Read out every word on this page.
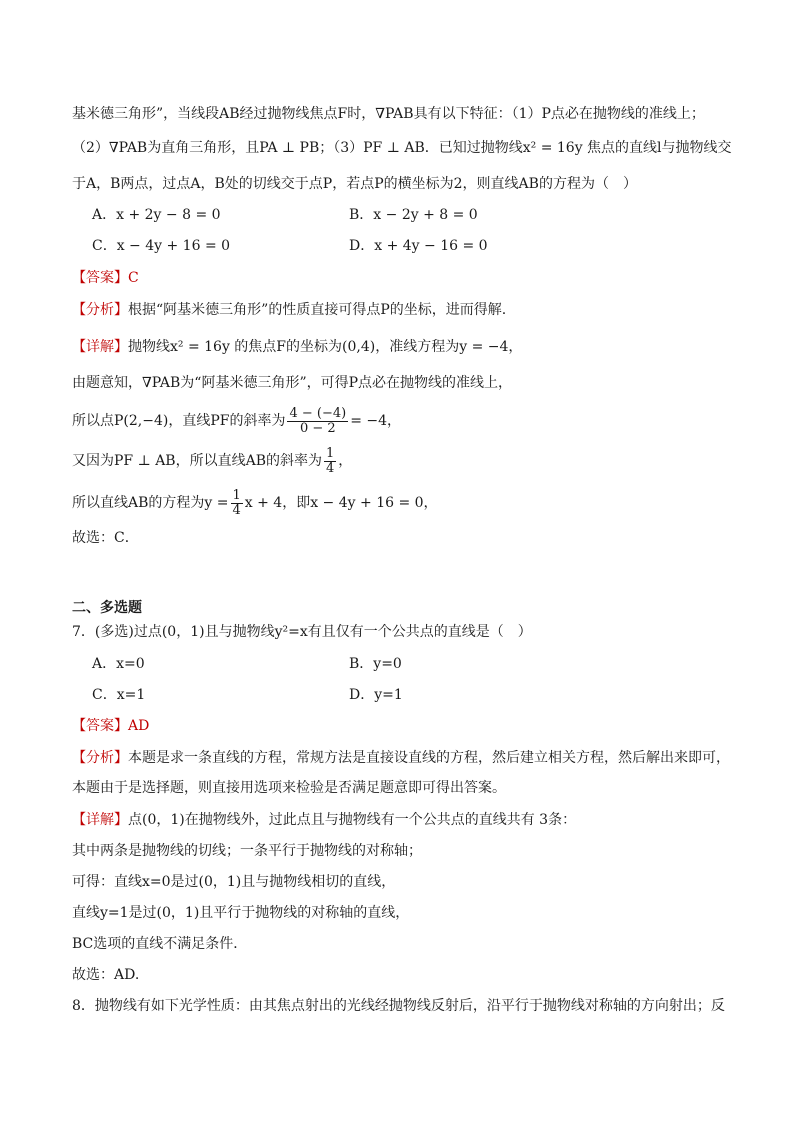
基米德三角形”，当线段AB经过抛物线焦点F时，∇PAB具有以下特征：（1）P点必在抛物线的准线上；
（2）∇PAB为直角三角形，且PA ⊥ PB；（3）PF ⊥ AB．已知过抛物线x² = 16y 焦点的直线l与抛物线交
于A，B两点，过点A，B处的切线交于点P，若点P的横坐标为2，则直线AB的方程为（　）
A．x + 2y − 8 = 0	B．x − 2y + 8 = 0
C．x − 4y + 16 = 0	D．x + 4y − 16 = 0
【答案】C
【分析】根据“阿基米德三角形”的性质直接可得点P的坐标，进而得解.
【详解】抛物线x² = 16y 的焦点F的坐标为(0,4)，准线方程为y = −4，
由题意知，∇PAB为“阿基米德三角形”，可得P点必在抛物线的准线上，
所以点P(2,−4)，直线PF的斜率为 $\frac{4 - (-4)}{0 - 2} = -4$，
又因为PF ⊥ AB，所以直线AB的斜率为 $\frac{1}{4}$ ，
所以直线AB的方程为$y = \frac{1}{4}$ x + 4，即x − 4y + 16 = 0，
故选：C．
二、多选题
7．(多选)过点(0，1)且与抛物线y²=x有且仅有一个公共点的直线是（　）
A．x=0	B．y=0
C．x=1	D．y=1
【答案】AD
【分析】本题是求一条直线的方程，常规方法是直接设直线的方程，然后建立相关方程，然后解出来即可，
本题由于是选择题，则直接用选项来检验是否满足题意即可得出答案。
【详解】点(0，1)在抛物线外，过此点且与抛物线有一个公共点的直线共有 3条：
其中两条是抛物线的切线；一条平行于抛物线的对称轴；
可得：直线x=0是过(0，1)且与抛物线相切的直线，
直线y=1是过(0，1)且平行于抛物线的对称轴的直线，
BC选项的直线不满足条件．
故选：AD.
8．抛物线有如下光学性质：由其焦点射出的光线经抛物线反射后，沿平行于抛物线对称轴的方向射出；反
